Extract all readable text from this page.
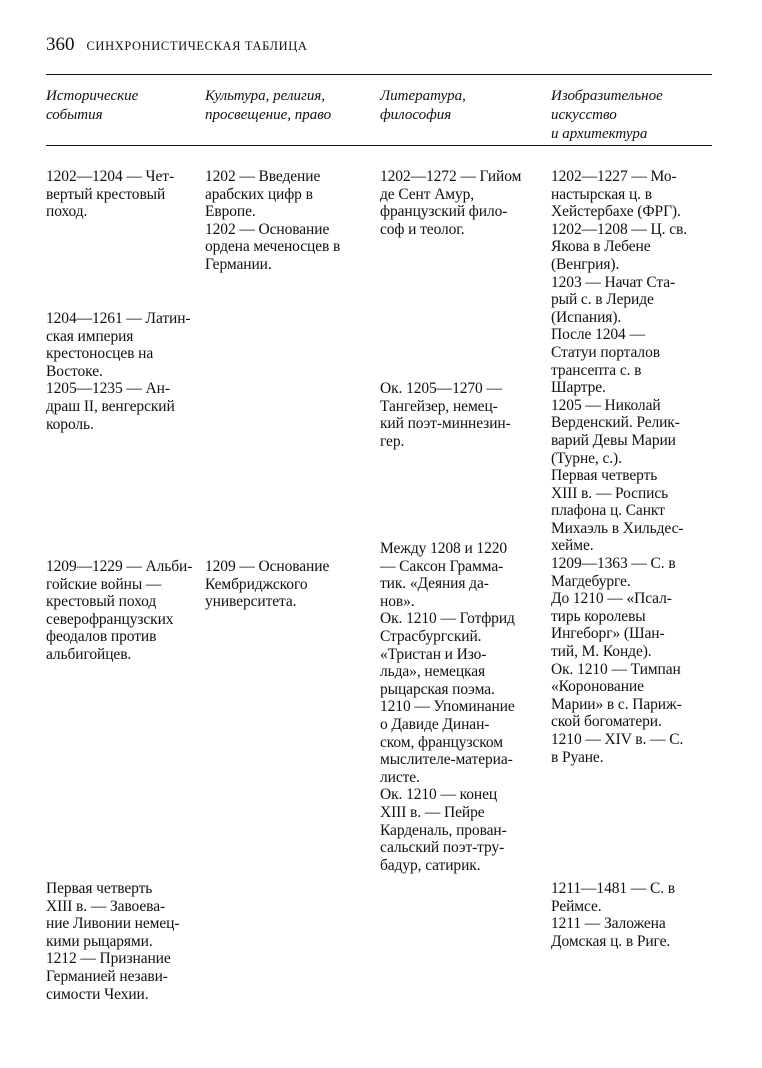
360 СИНХРОНИСТИЧЕСКАЯ ТАБЛИЦА
Исторические
события
Культура, религия,
просвещение, право
Литература,
философия
Изобразительное
искусство
и архитектура
1202—1204 — Чет-
вертый крестовый
поход.
1204—1261 — Латин-
ская империя
крестоносцев на
Востоке.
1205—1235 — Ан-
драш II, венгерский
король.
1209—1229 — Альби-
гойские войны —
крестовый поход
северофранцузских
феодалов против
альбигойцев.
Первая четверть
XIII в. — Завоева-
ние Ливонии немец-
кими рыцарями.
1212 — Признание
Германией незави-
симости Чехии.
1202 — Введение
арабских цифр в
Европе.
1202 — Основание
ордена меченосцев в
Германии.
1209 — Основание
Кембриджского
университета.
1202—1272 — Гийом
де Сент Амур,
французский фило-
соф и теолог.
Ок. 1205—1270 —
Тангейзер, немец-
кий поэт-миннезин-
гер.
Между 1208 и 1220
— Саксон Граммa-
тик. «Деяния да-
нов».
Ок. 1210 — Готфрид
Страсбургский.
«Тристан и Изо-
льда», немецкая
рыцарская поэма.
1210 — Упоминание
о Давиде Динан-
ском, французском
мыслителе-материа-
листе.
Ок. 1210 — конец
XIII в. — Пейре
Карденаль, прован-
сальский поэт-тру-
бадур, сатирик.
1202—1227 — Мо-
настырская ц. в
Хейстербахе (ФРГ).
1202—1208 — Ц. св.
Якова в Лебене
(Венгрия).
1203 — Начат Ста-
рый с. в Лериде
(Испания).
После 1204 —
Статуи порталов
трансепта с. в
Шартре.
1205 — Николай
Верденский. Релик-
варий Девы Марии
(Турне, с.).
Первая четверть
XIII в. — Роспись
плафона ц. Санкт
Михаэль в Хильдес-
хейме.
1209—1363 — С. в
Магдебурге.
До 1210 — «Псал-
тирь королевы
Ингеборг» (Шан-
тий, М. Конде).
Ок. 1210 — Тимпан
«Коронование
Марии» в с. Париж-
ской богоматери.
1210 — XIV в. — С.
в Руане.
1211—1481 — С. в
Реймсе.
1211 — Заложена
Домская ц. в Риге.
